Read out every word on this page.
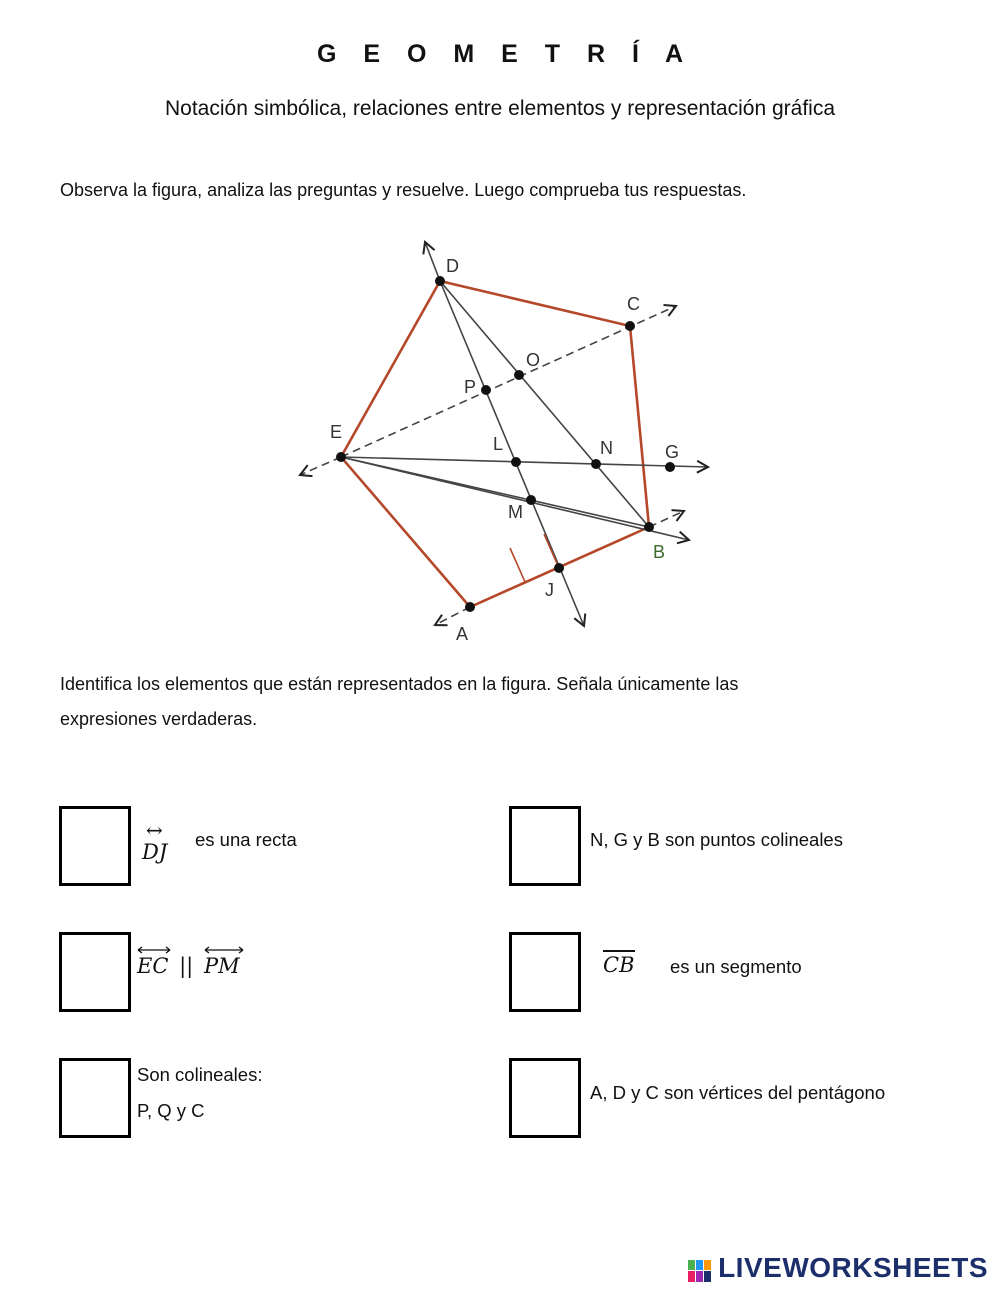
G E O M E T R Í A
Notación simbólica, relaciones entre elementos y representación gráfica
Observa la figura, analiza las preguntas y resuelve. Luego comprueba tus respuestas.
D
C
O
P
E
L	N	G
M
B
J
A
Identifica los elementos que están representados en la figura. Señala únicamente las
expresiones verdaderas.
↔
DJ
es una recta	N, G y B son puntos colineales
EC || PM	CB es un segmento
Son colineales:
P, Q y C
A, D y C son vértices del pentágono
LIVEWORKSHEETS
